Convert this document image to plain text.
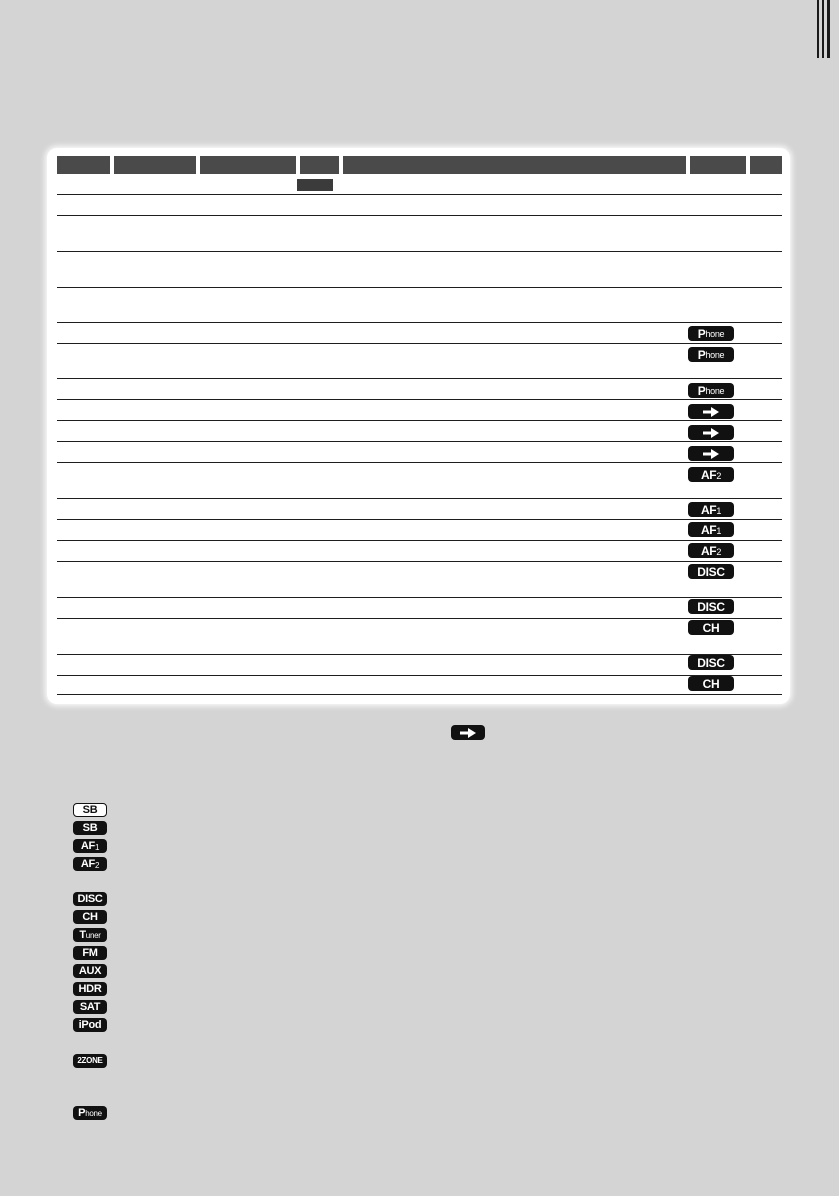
SB
SB
AF 1
AF 2
DISC
CH
T uner
FM
AUX
HDR
SAT
iPod
2ZONE
P hone
P hone
P hone
P hone
AF 2
AF 1
AF 1
AF 2
DISC
DISC
CH
DISC
CH
